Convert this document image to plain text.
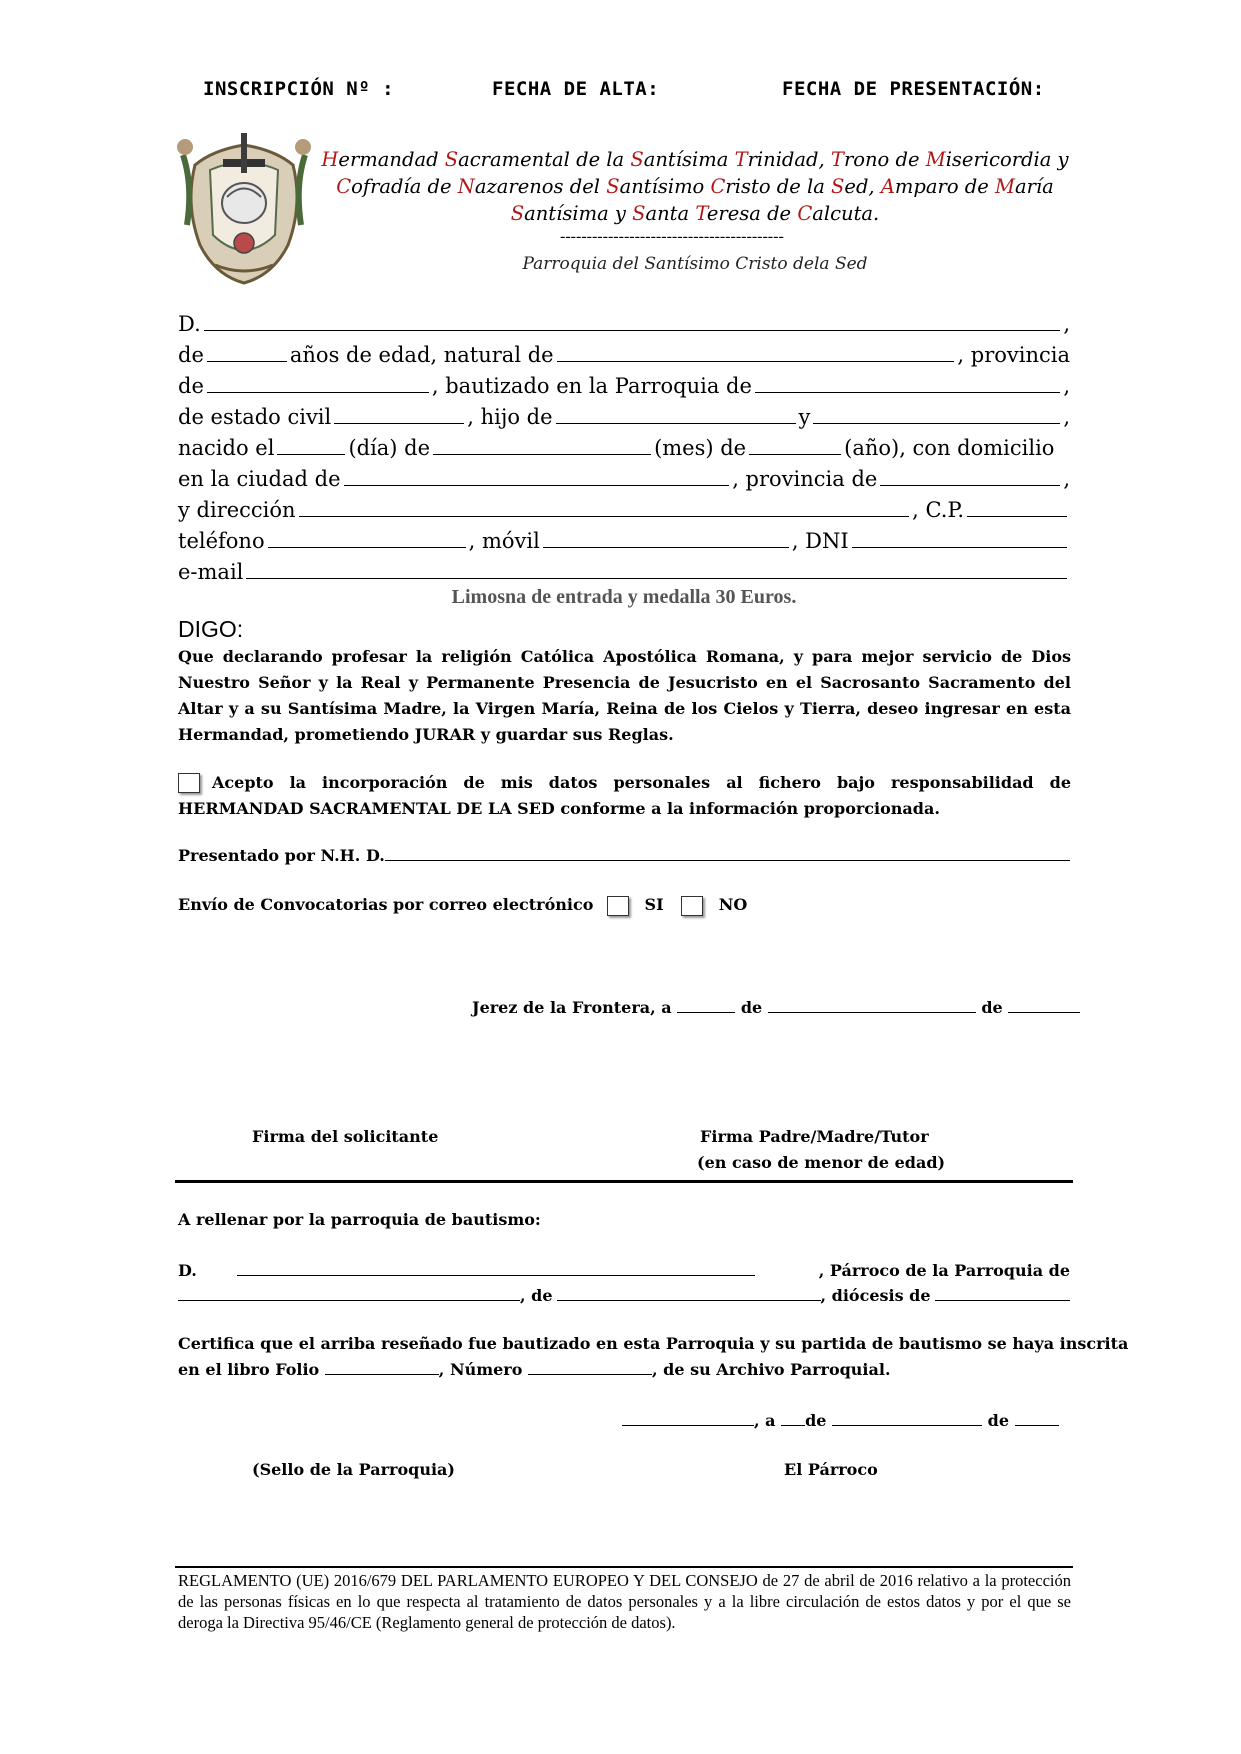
INSCRIPCIÓN Nº :	FECHA DE ALTA:	FECHA DE PRESENTACIÓN:
Hermandad Sacramental de la Santísima Trinidad, Trono de Misericordia y
Cofradía de Nazarenos del Santísimo Cristo de la Sed, Amparo de María
Santísima y Santa Teresa de Calcuta.
------------------------------------------
Parroquia del Santísimo Cristo dela Sed
D.	,
de	años de edad, natural de	, provincia
de	, bautizado en la Parroquia de	,
de estado civil	, hijo de	y	,
nacido el	(día) de	(mes) de	(año), con domicilio
en la ciudad de	, provincia de	,
y dirección	, C.P.
teléfono	, móvil	, DNI
e-mail
Limosna de entrada y medalla 30 Euros.
DIGO:
Que declarando profesar la religión Católica Apostólica Romana, y para mejor servicio de Dios Nuestro Señor y la Real y Permanente Presencia de Jesucristo en el Sacrosanto Sacramento del Altar y a su Santísima Madre, la Virgen María, Reina de los Cielos y Tierra, deseo ingresar en esta Hermandad, prometiendo JURAR y guardar sus Reglas.
Acepto la incorporación de mis datos personales al fichero bajo responsabilidad de HERMANDAD SACRAMENTAL DE LA SED conforme a la información proporcionada.
Presentado por N.H. D.
Envío de Convocatorias por correo electrónico	SI	NO
Jerez de la Frontera, a	de	de
Firma del solicitante	Firma Padre/Madre/Tutor
(en caso de menor de edad)
A rellenar por la parroquia de bautismo:
D.	, Párroco de la Parroquia de
, de	, diócesis de
Certifica que el arriba reseñado fue bautizado en esta Parroquia y su partida de bautismo se haya inscrita
en el libro Folio	, Número	, de su Archivo Parroquial.
, a de	de
(Sello de la Parroquia)	El Párroco
REGLAMENTO (UE) 2016/679 DEL PARLAMENTO EUROPEO Y DEL CONSEJO de 27 de abril de 2016 relativo a la protección de las personas físicas en lo que respecta al tratamiento de datos personales y a la libre circulación de estos datos y por el que se deroga la Directiva 95/46/CE (Reglamento general de protección de datos).
